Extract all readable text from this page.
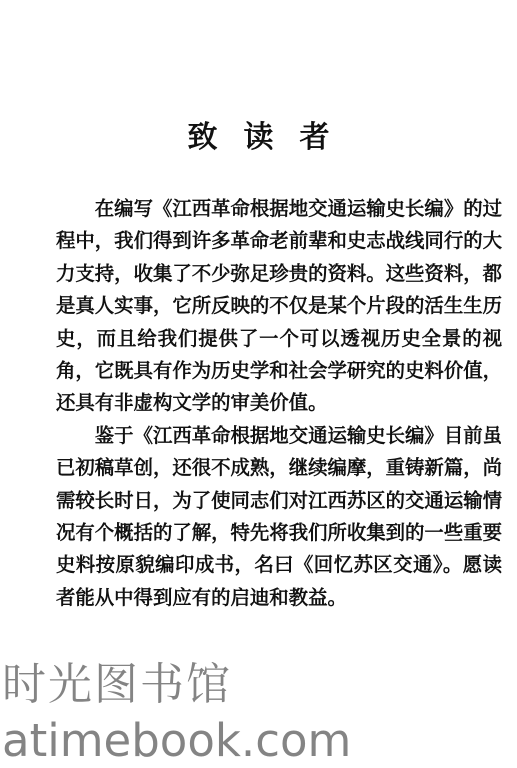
致读者

在编写《江西革命根据地交通运输史长编》的过程中，我们得到许多革命老前辈和史志战线同行的大力支持，收集了不少弥足珍贵的资料。这些资料，都是真人实事，它所反映的不仅是某个片段的活生生历史，而且给我们提供了一个可以透视历史全景的视角，它既具有作为历史学和社会学研究的史料价值，还具有非虚构文学的审美价值。

鉴于《江西革命根据地交通运输史长编》目前虽已初稿草创，还很不成熟，继续编摩，重铸新篇，尚需较长时日，为了使同志们对江西苏区的交通运输情况有个概括的了解，特先将我们所收集到的一些重要史料按原貌编印成书，名曰《回忆苏区交通》。愿读者能从中得到应有的启迪和教益。

时光图书馆
atimebook.com
